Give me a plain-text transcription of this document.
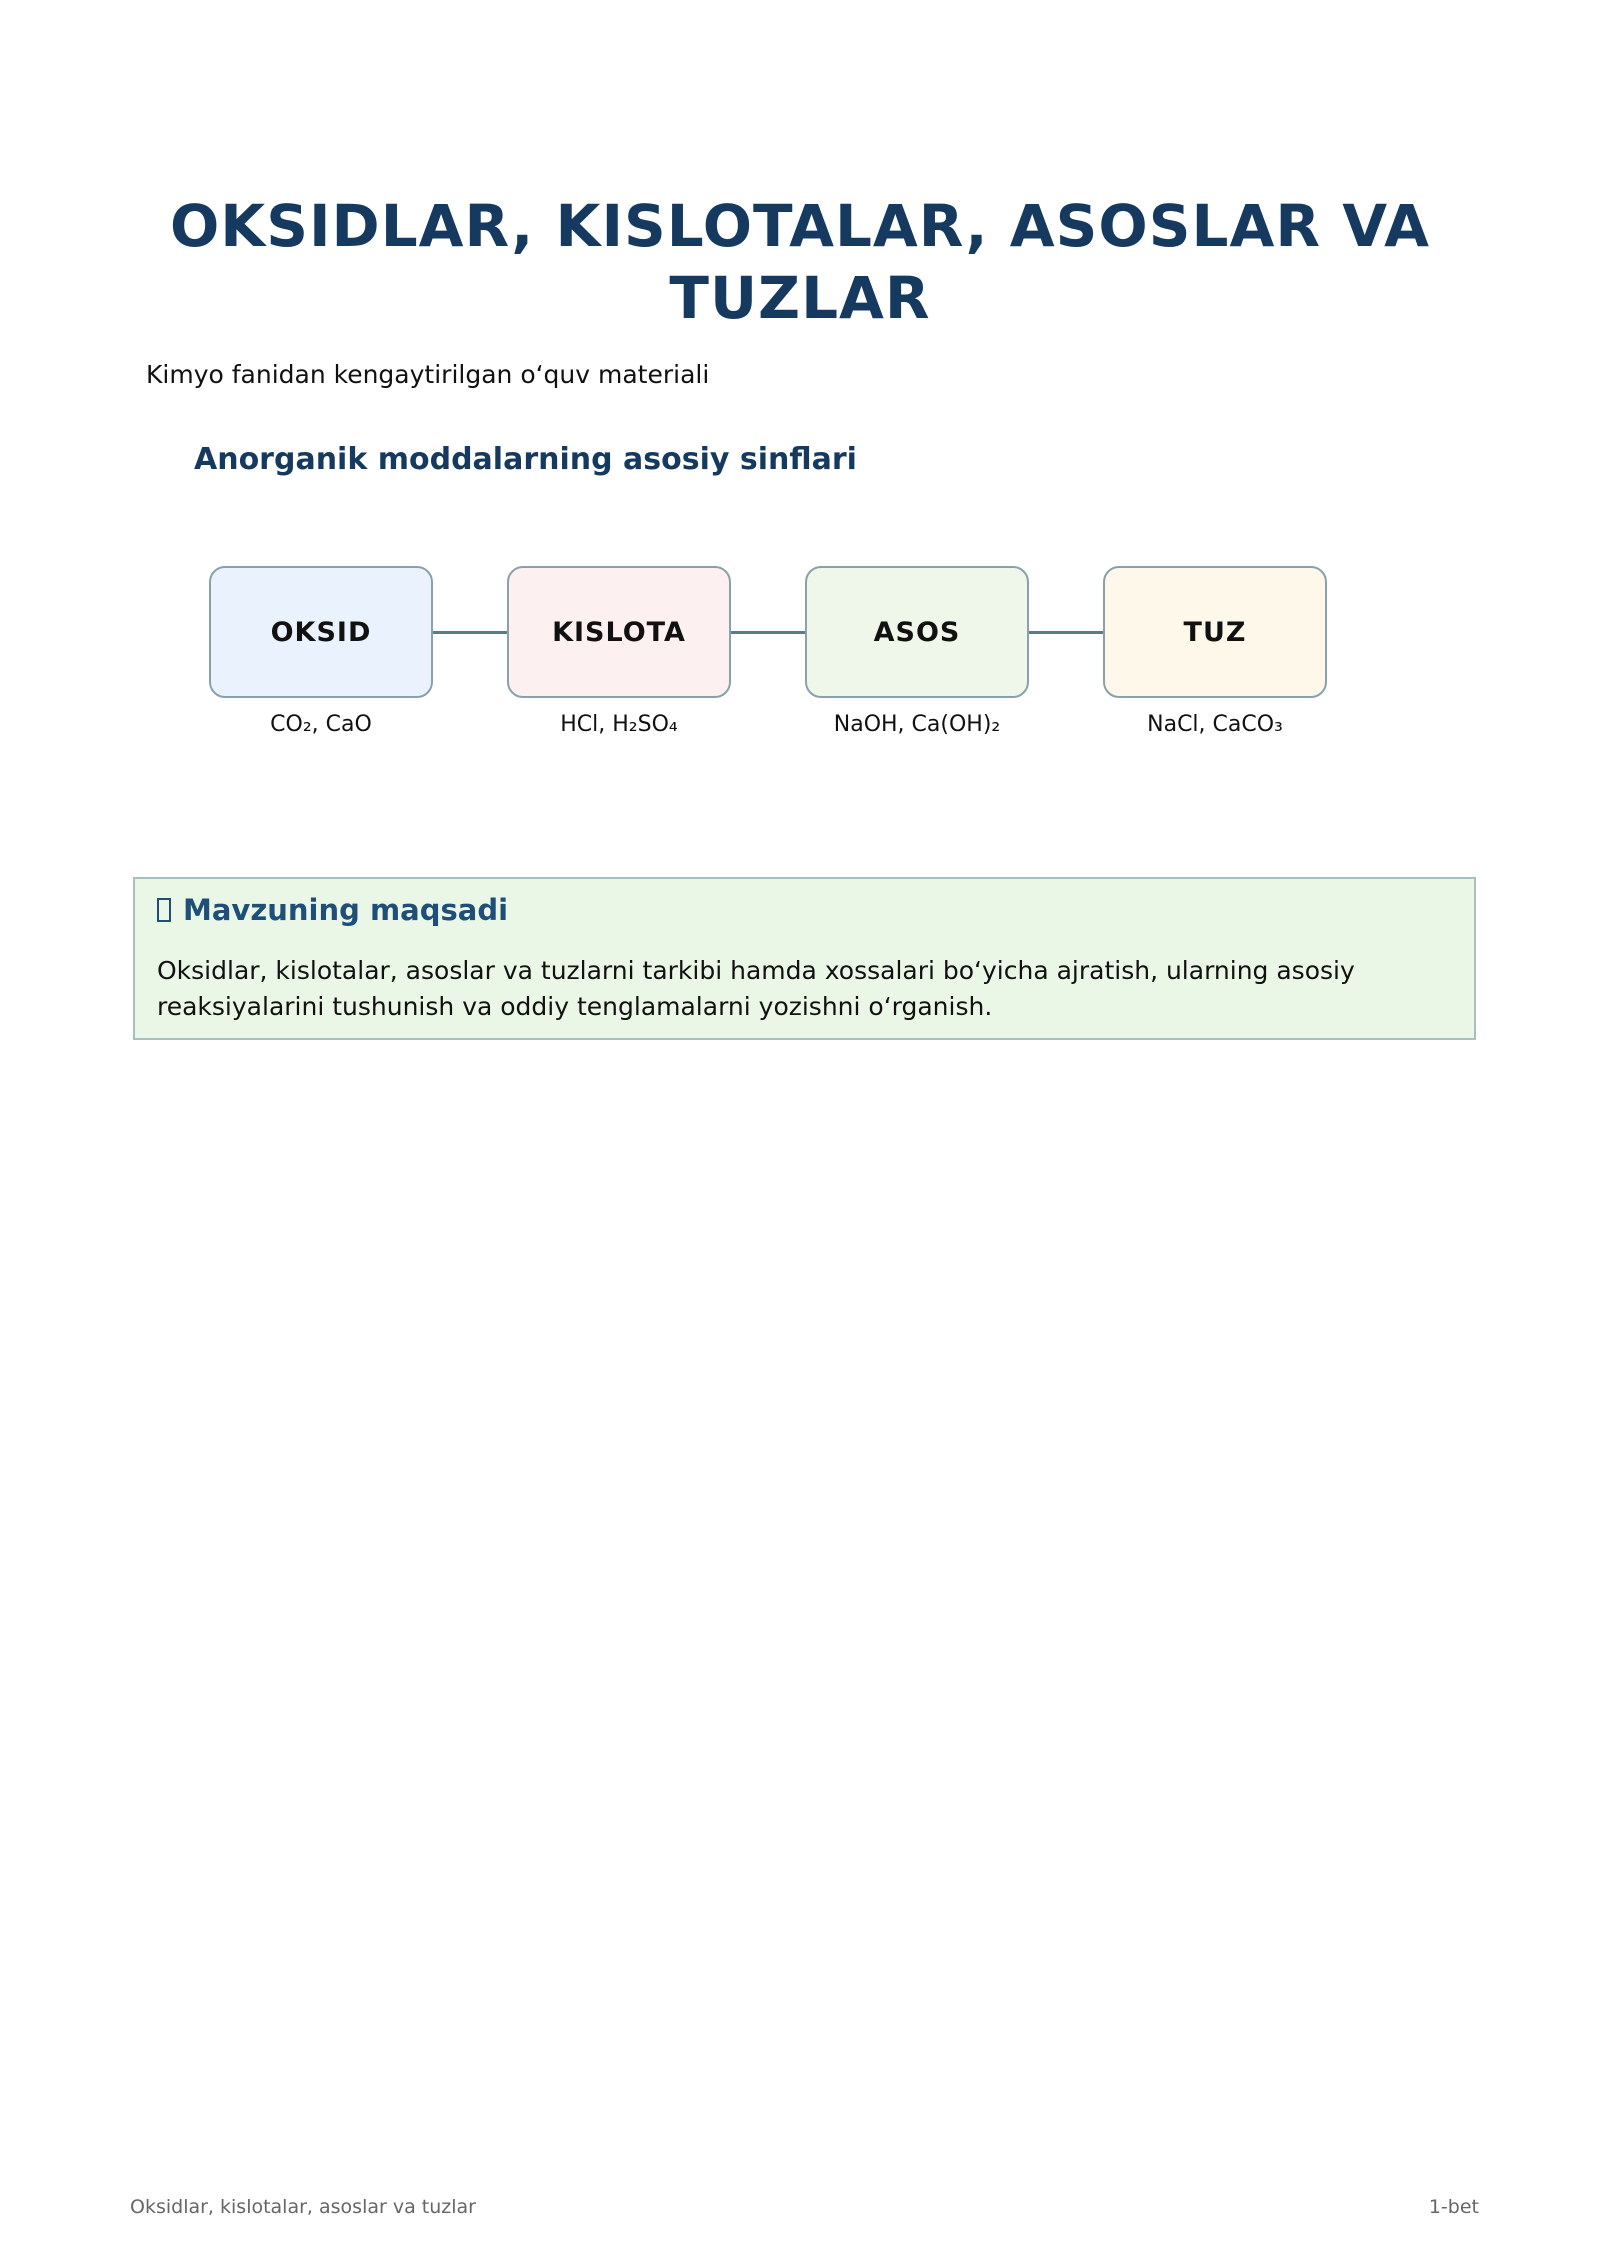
OKSIDLAR, KISLOTALAR, ASOSLAR VA
TUZLAR
Kimyo fanidan kengaytirilgan oʻquv materiali
Anorganik moddalarning asosiy sinflari
OKSID	KISLOTA	ASOS	TUZ
CO₂, CaO	HCl, H₂SO₄	NaOH, Ca(OH)₂	NaCl, CaCO₃
Mavzuning maqsadi
Oksidlar, kislotalar, asoslar va tuzlarni tarkibi hamda xossalari boʻyicha ajratish, ularning asosiy reaksiyalarini tushunish va oddiy tenglamalarni yozishni oʻrganish.
Oksidlar, kislotalar, asoslar va tuzlar	1-bet
